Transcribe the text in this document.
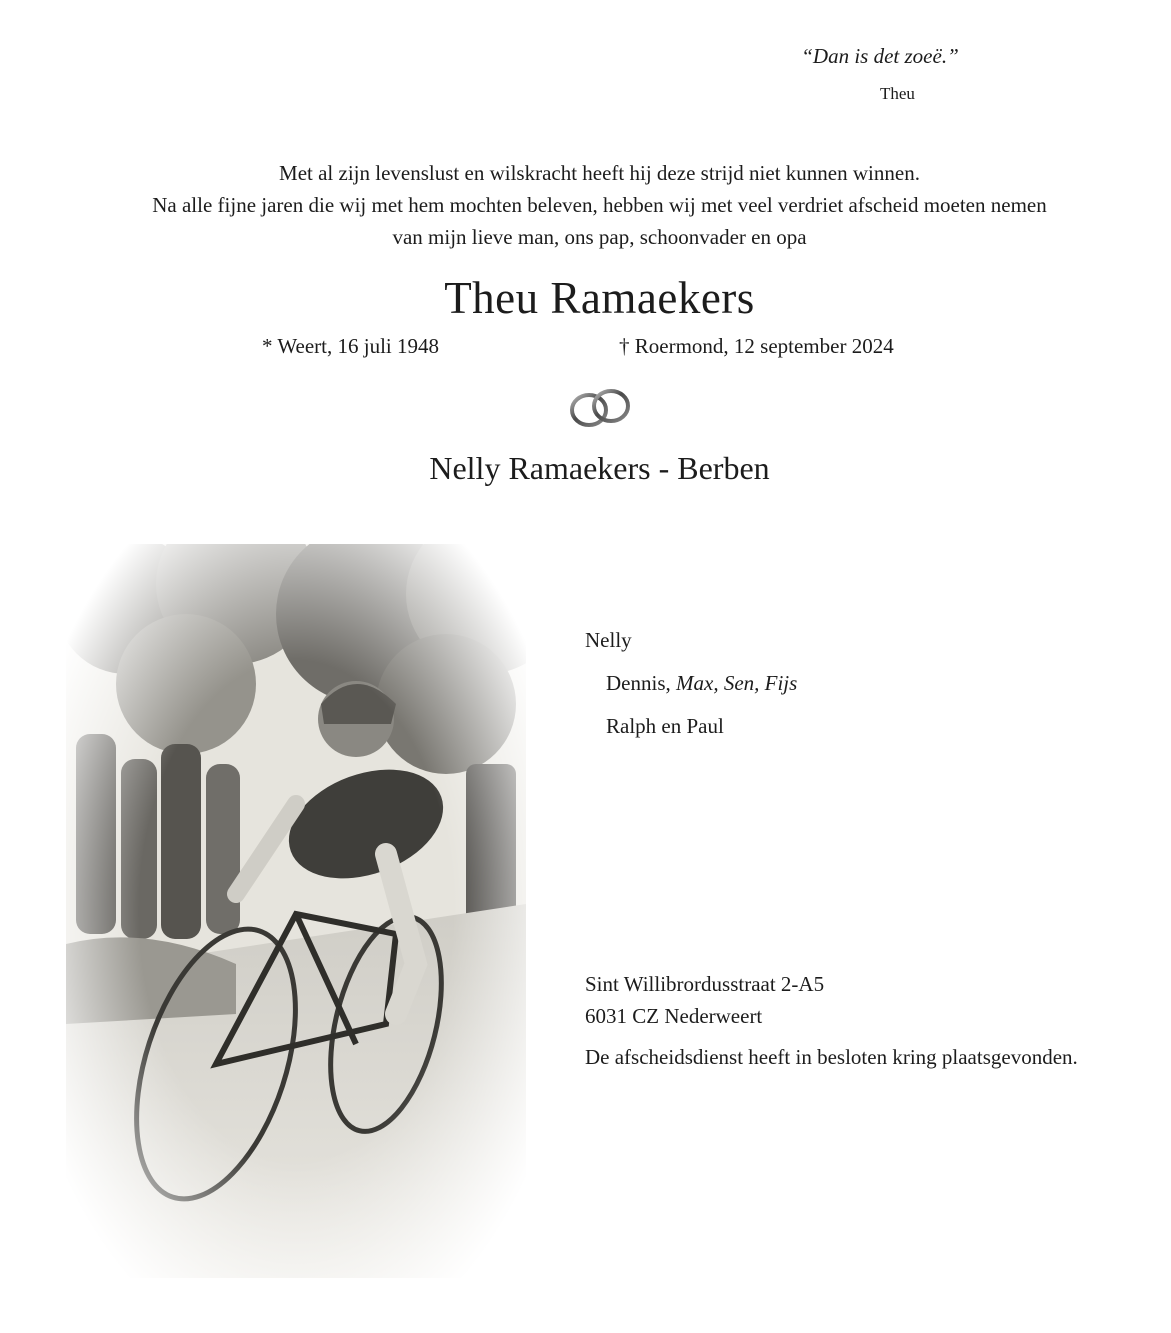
“Dan is det zoeë.”
Theu
Met al zijn levenslust en wilskracht heeft hij deze strijd niet kunnen winnen.
Na alle fijne jaren die wij met hem mochten beleven, hebben wij met veel verdriet afscheid moeten nemen
van mijn lieve man, ons pap, schoonvader en opa
Theu Ramaekers
* Weert, 16 juli 1948	† Roermond, 12 september 2024
Nelly Ramaekers - Berben
Nelly
Dennis, Max, Sen, Fijs
Ralph en Paul
Sint Willibrordusstraat 2-A5
6031 CZ Nederweert
De afscheidsdienst heeft in besloten kring plaatsgevonden.
